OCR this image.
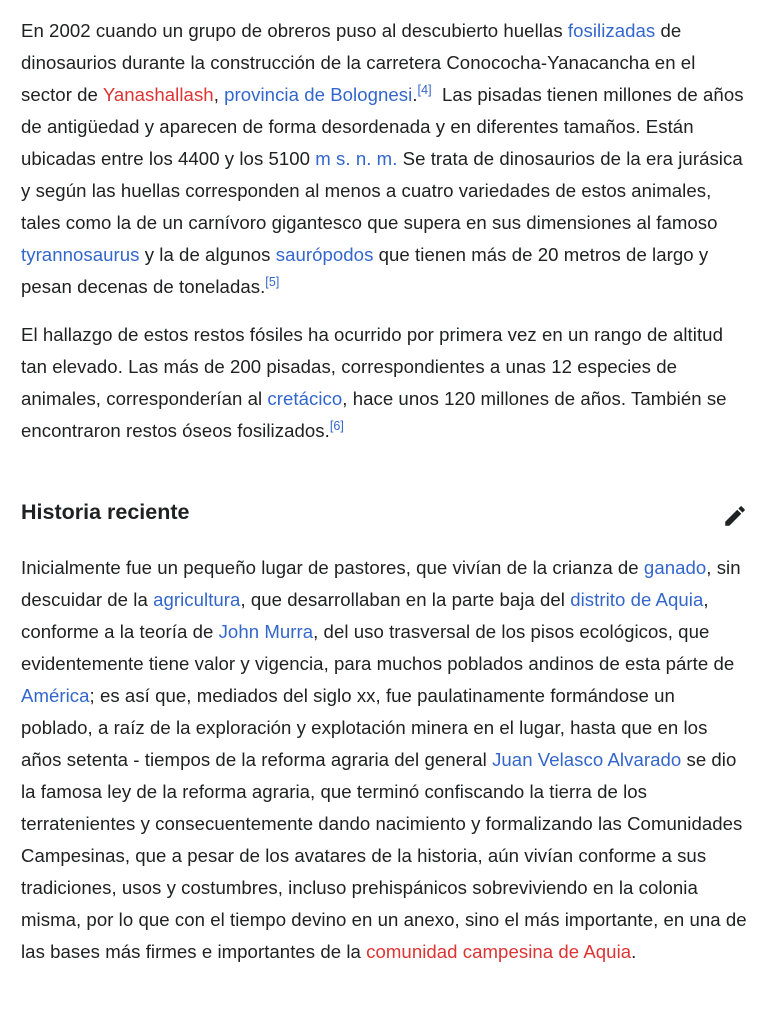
En 2002 cuando un grupo de obreros puso al descubierto huellas fosilizadas de dinosaurios durante la construcción de la carretera Conococha-Yanacancha en el sector de Yanashallash, provincia de Bolognesi.[4]  Las pisadas tienen millones de años de antigüedad y aparecen de forma desordenada y en diferentes tamaños. Están ubicadas entre los 4400 y los 5100 m s. n. m. Se trata de dinosaurios de la era jurásica y según las huellas corresponden al menos a cuatro variedades de estos animales, tales como la de un carnívoro gigantesco que supera en sus dimensiones al famoso tyrannosaurus y la de algunos saurópodos que tienen más de 20 metros de largo y pesan decenas de toneladas.[5]

El hallazgo de estos restos fósiles ha ocurrido por primera vez en un rango de altitud tan elevado. Las más de 200 pisadas, correspondientes a unas 12 especies de animales, corresponderían al cretácico, hace unos 120 millones de años. También se encontraron restos óseos fosilizados.[6]

Historia reciente

Inicialmente fue un pequeño lugar de pastores, que vivían de la crianza de ganado, sin descuidar de la agricultura, que desarrollaban en la parte baja del distrito de Aquia, conforme a la teoría de John Murra, del uso trasversal de los pisos ecológicos, que evidentemente tiene valor y vigencia, para muchos poblados andinos de esta párte de América; es así que, mediados del siglo xx, fue paulatinamente formándose un poblado, a raíz de la exploración y explotación minera en el lugar, hasta que en los años setenta - tiempos de la reforma agraria del general Juan Velasco Alvarado se dio la famosa ley de la reforma agraria, que terminó confiscando la tierra de los terratenientes y consecuentemente dando nacimiento y formalizando las Comunidades Campesinas, que a pesar de los avatares de la historia, aún vivían conforme a sus tradiciones, usos y costumbres, incluso prehispánicos sobreviviendo en la colonia misma, por lo que con el tiempo devino en un anexo, sino el más importante, en una de las bases más firmes e importantes de la comunidad campesina de Aquia.
